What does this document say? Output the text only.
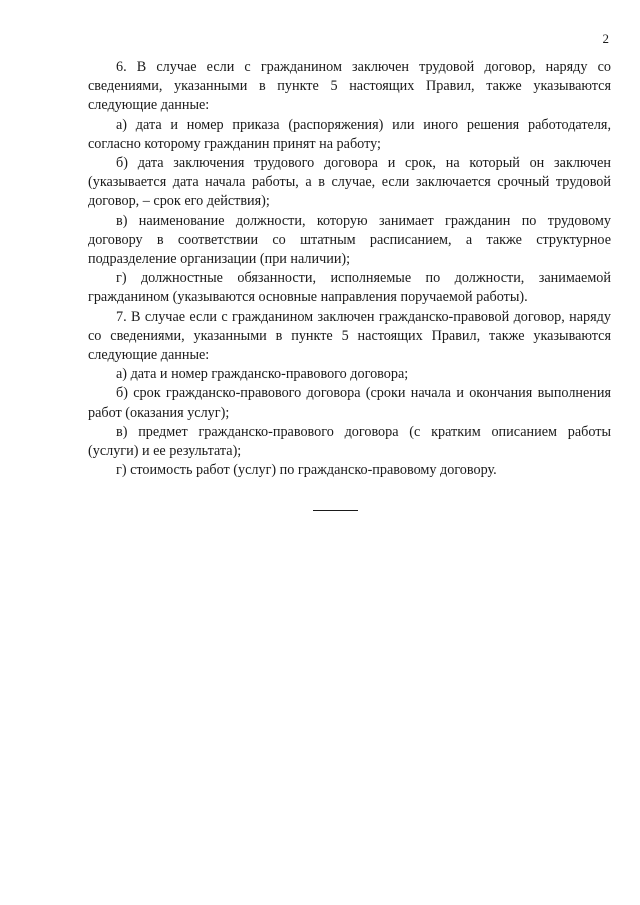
2

6. В случае если с гражданином заключен трудовой договор, наряду со сведениями, указанными в пункте 5 настоящих Правил, также указываются следующие данные:

а) дата и номер приказа (распоряжения) или иного решения работодателя, согласно которому гражданин принят на работу;

б) дата заключения трудового договора и срок, на который он заключен (указывается дата начала работы, а в случае, если заключается срочный трудовой договор, – срок его действия);

в) наименование должности, которую занимает гражданин по трудовому договору в соответствии со штатным расписанием, а также структурное подразделение организации (при наличии);

г) должностные обязанности, исполняемые по должности, занимаемой гражданином (указываются основные направления поручаемой работы).

7. В случае если с гражданином заключен гражданско-правовой договор, наряду со сведениями, указанными в пункте 5 настоящих Правил, также указываются следующие данные:

а) дата и номер гражданско-правового договора;

б) срок гражданско-правового договора (сроки начала и окончания выполнения работ (оказания услуг);

в) предмет гражданско-правового договора (с кратким описанием работы (услуги) и ее результата);

г) стоимость работ (услуг) по гражданско-правовому договору.
